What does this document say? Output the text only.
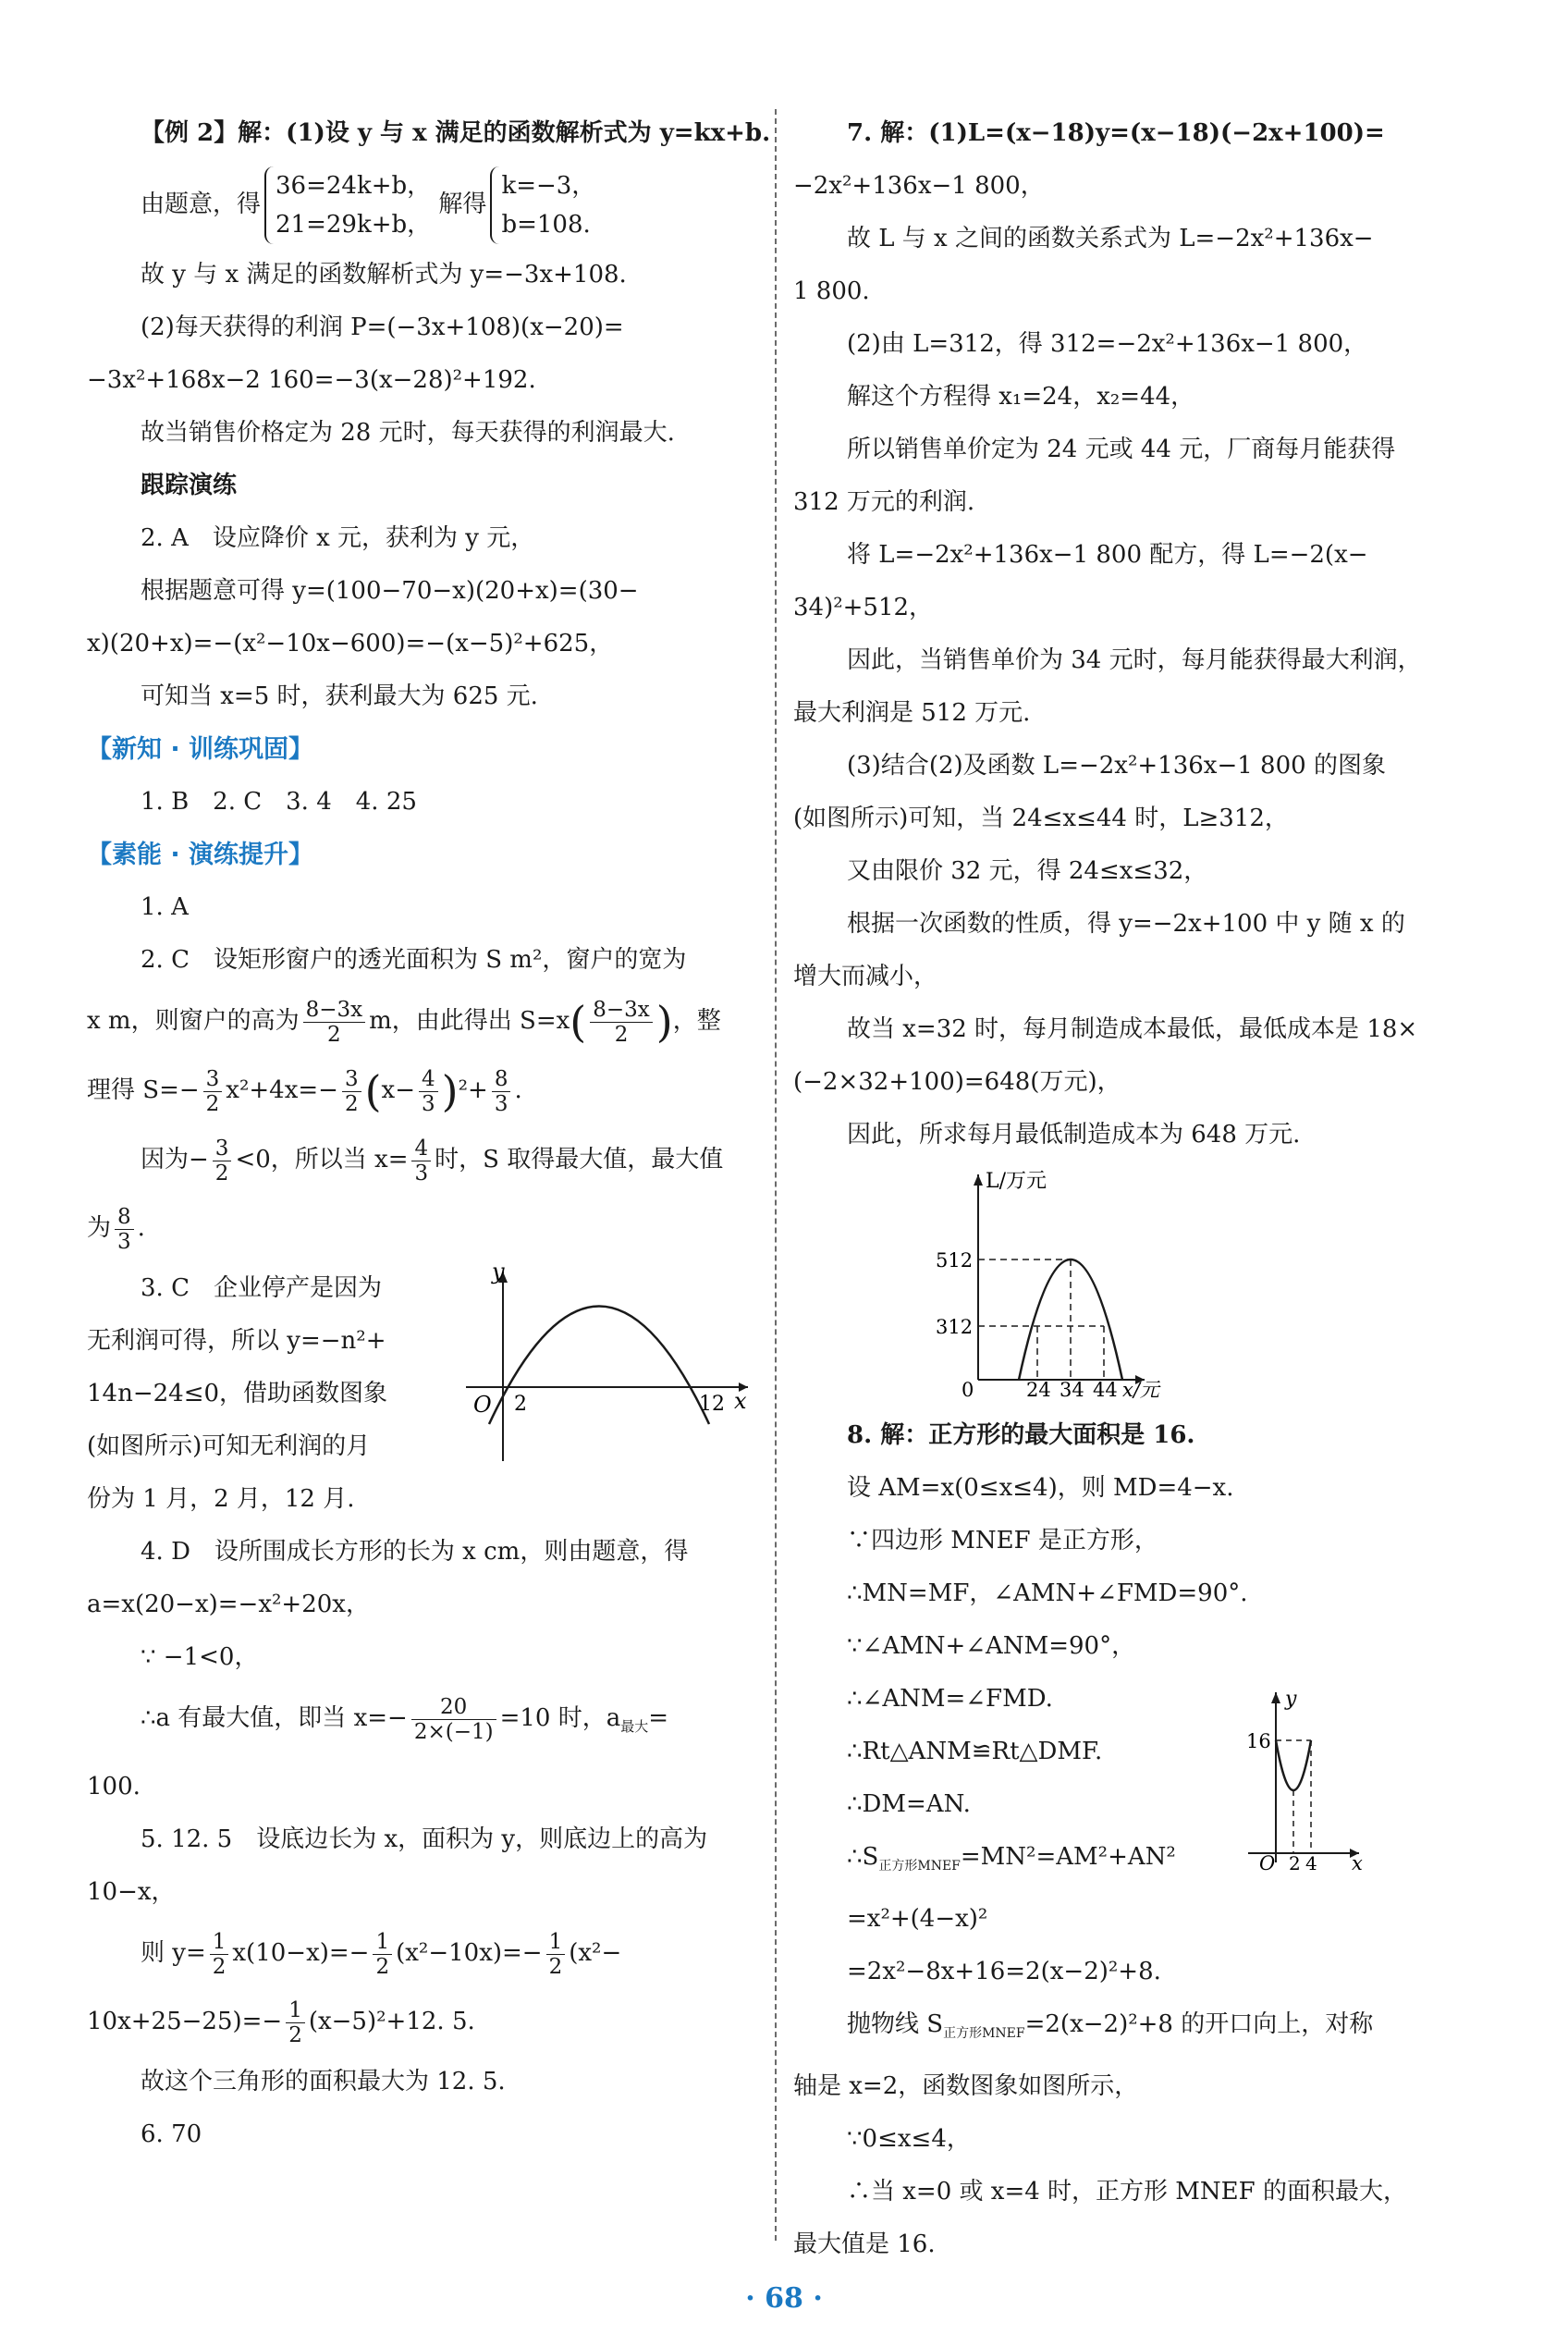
【例 2】解：(1)设 y 与 x 满足的函数解析式为 y=kx+b.
由题意，得
36=24k+b，
21=29k+b，
解得
k=−3，
b=108.
故 y 与 x 满足的函数解析式为 y=−3x+108.
(2)每天获得的利润 P=(−3x+108)(x−20)=
−3x²+168x−2 160=−3(x−28)²+192.
故当销售价格定为 28 元时，每天获得的利润最大.
跟踪演练
2. A　设应降价 x 元，获利为 y 元，
根据题意可得 y=(100−70−x)(20+x)=(30−
x)(20+x)=−(x²−10x−600)=−(x−5)²+625，
可知当 x=5 时，获利最大为 625 元.
【新知 · 训练巩固】
1. B　2. C　3. 4　4. 25
【素能 · 演练提升】
1. A
2. C　设矩形窗户的透光面积为 S m²，窗户的宽为
x m，则窗户的高为 $\frac{8-3x}{2}$ m，由此得出 $S=x( \frac{8-3x}{2}$ )，整
理得 $S=- \frac{3}{2} x^2+4x=- \frac{3}{2} (x- \frac{4}{3} )^2+ \frac{8}{3}$ .
因为− $\frac{3}{2} <0$，所以当 $x= \frac{4}{3}$ 时，S 取得最大值，最大值
为 $\frac{8}{3}$ .
3. C　企业停产是因为
无利润可得，所以 y=−n²+
14n−24≤0，借助函数图象
(如图所示)可知无利润的月
份为 1 月，2 月，12 月.
y
O 2	12 x
4. D　设所围成长方形的长为 x cm，则由题意，得
a=x(20−x)=−x²+20x，
∵ −1<0，
∴a 有最大值，即当 $x=- \frac{20}{2\times(-1)} =10$ 时，$a_{最大}=$
100.
5. 12. 5　设底边长为 x，面积为 y，则底边上的高为
10−x，
则 $y= \frac{1}{2} x(10-x)=- \frac{1}{2} (x^2-10x)=- \frac{1}{2} (x^2-$
$10x+25-25)=- \frac{1}{2} (x-5)^2+12$. 5.
故这个三角形的面积最大为 12. 5.
6. 70
7. 解：(1)L=(x−18)y=(x−18)(−2x+100)=
−2x²+136x−1 800，
故 L 与 x 之间的函数关系式为 L=−2x²+136x−
1 800.
(2)由 L=312，得 312=−2x²+136x−1 800，
解这个方程得 x₁=24，x₂=44，
所以销售单价定为 24 元或 44 元，厂商每月能获得
312 万元的利润.
将 L=−2x²+136x−1 800 配方，得 L=−2(x−
34)²+512，
因此，当销售单价为 34 元时，每月能获得最大利润，
最大利润是 512 万元.
(3)结合(2)及函数 L=−2x²+136x−1 800 的图象
(如图所示)可知，当 24≤x≤44 时，L≥312，
又由限价 32 元，得 24≤x≤32，
根据一次函数的性质，得 y=−2x+100 中 y 随 x 的
增大而减小，
故当 x=32 时，每月制造成本最低，最低成本是 18×
(−2×32+100)=648(万元)，
因此，所求每月最低制造成本为 648 万元.
L/万元
512
312
0	24 34 44 x/元
8. 解：正方形的最大面积是 16.
设 AM=x(0≤x≤4)，则 MD=4−x.
∵四边形 MNEF 是正方形，
∴MN=MF，∠AMN+∠FMD=90°.
∵∠AMN+∠ANM=90°，
∴∠ANM=∠FMD.
∴Rt△ANM≌Rt△DMF.
∴DM=AN.
$\therefore S_{正方形MNEF}=MN^2=AM^2+AN^2$
=x²+(4−x)²
=2x²−8x+16=2(x−2)²+8.
抛物线 $S_{正方形MNEF}=2(x-2)^2+8$ 的开口向上，对称
轴是 x=2，函数图象如图所示，
∵0≤x≤4，
∴当 x=0 或 x=4 时，正方形 MNEF 的面积最大，
最大值是 16.
y
16
O 2 4 x
· 68 ·
